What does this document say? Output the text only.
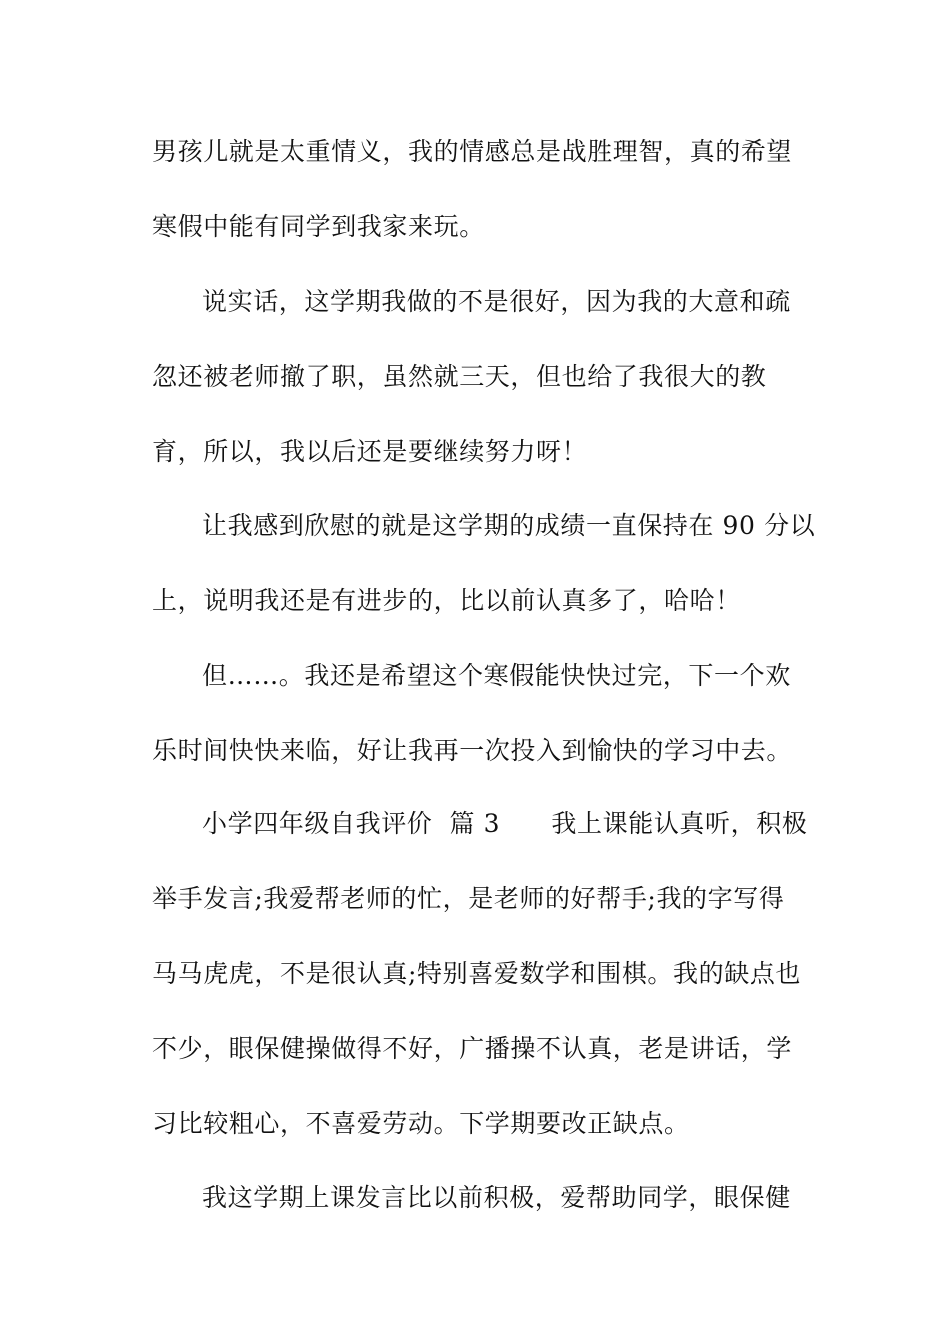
男孩儿就是太重情义，我的情感总是战胜理智，真的希望
寒假中能有同学到我家来玩。
说实话，这学期我做的不是很好，因为我的大意和疏
忽还被老师撤了职，虽然就三天，但也给了我很大的教
育，所以，我以后还是要继续努力呀！
让我感到欣慰的就是这学期的成绩一直保持在 90 分以
上，说明我还是有进步的，比以前认真多了，哈哈！
但……。我还是希望这个寒假能快快过完，下一个欢
乐时间快快来临，好让我再一次投入到愉快的学习中去。
小学四年级自我评价  篇 3      我上课能认真听，积极
举手发言;我爱帮老师的忙，是老师的好帮手;我的字写得
马马虎虎，不是很认真;特别喜爱数学和围棋。我的缺点也
不少，眼保健操做得不好，广播操不认真，老是讲话，学
习比较粗心，不喜爱劳动。下学期要改正缺点。
我这学期上课发言比以前积极，爱帮助同学，眼保健
